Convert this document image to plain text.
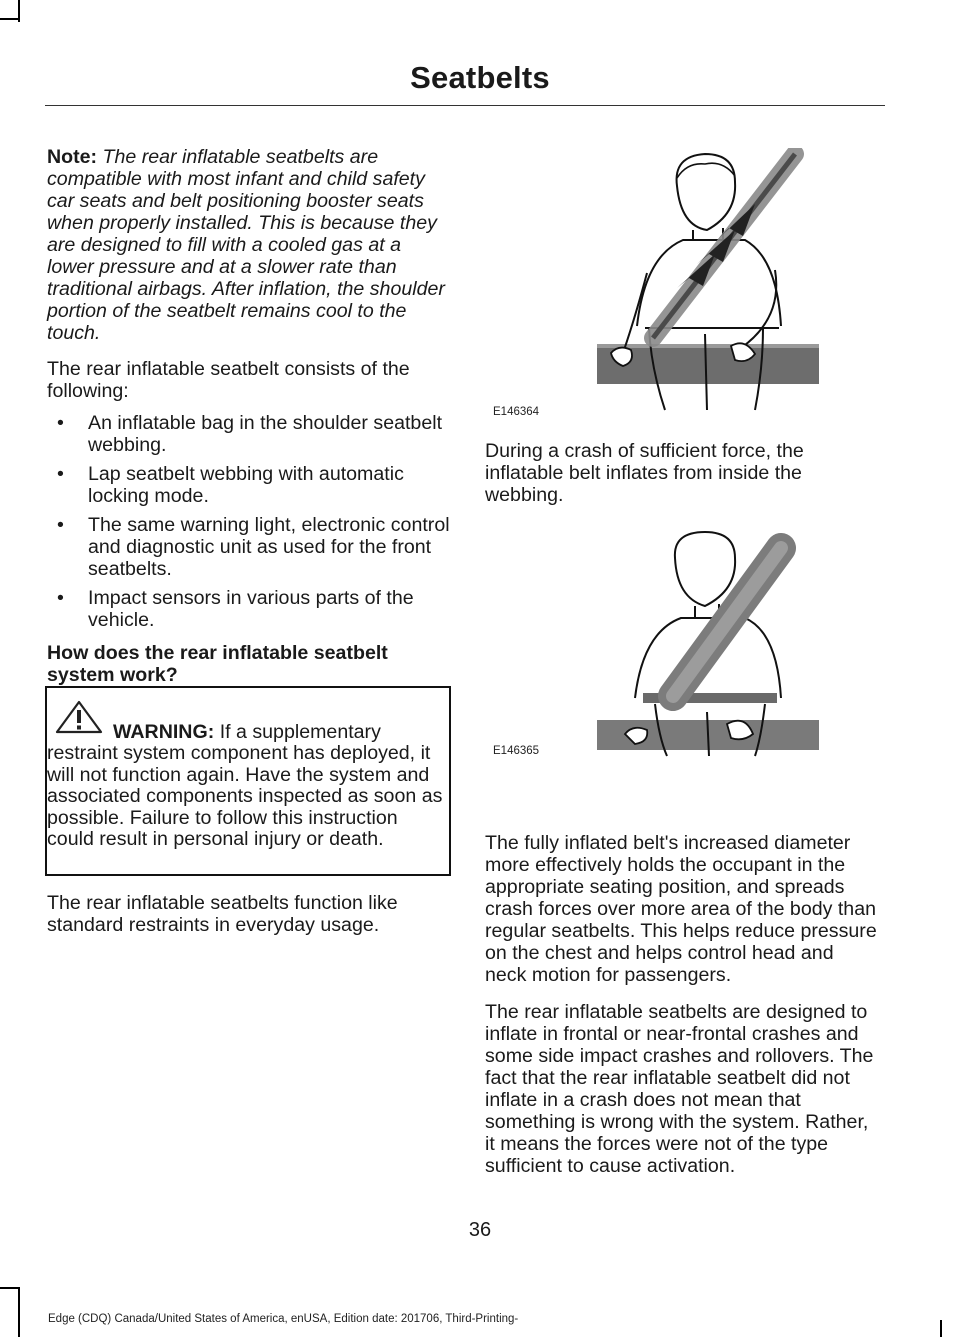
Seatbelts

Note: The rear inflatable seatbelts are compatible with most infant and child safety car seats and belt positioning booster seats when properly installed. This is because they are designed to fill with a cooled gas at a lower pressure and at a slower rate than traditional airbags. After inflation, the shoulder portion of the seatbelt remains cool to the touch.

The rear inflatable seatbelt consists of the following:

• An inflatable bag in the shoulder seatbelt webbing.
• Lap seatbelt webbing with automatic locking mode.
• The same warning light, electronic control and diagnostic unit as used for the front seatbelts.
• Impact sensors in various parts of the vehicle.
How does the rear inflatable seatbelt system work?

WARNING: If a supplementary restraint system component has deployed, it will not function again. Have the system and associated components inspected as soon as possible. Failure to follow this instruction could result in personal injury or death.

The rear inflatable seatbelts function like standard restraints in everyday usage.

E146364

During a crash of sufficient force, the inflatable belt inflates from inside the webbing.

E146365

The fully inflated belt's increased diameter more effectively holds the occupant in the appropriate seating position, and spreads crash forces over more area of the body than regular seatbelts. This helps reduce pressure on the chest and helps control head and neck motion for passengers.

The rear inflatable seatbelts are designed to inflate in frontal or near-frontal crashes and some side impact crashes and rollovers. The fact that the rear inflatable seatbelt did not inflate in a crash does not mean that something is wrong with the system. Rather, it means the forces were not of the type sufficient to cause activation.

36
Edge (CDQ) Canada/United States of America, enUSA, Edition date: 201706, Third-Printing-
